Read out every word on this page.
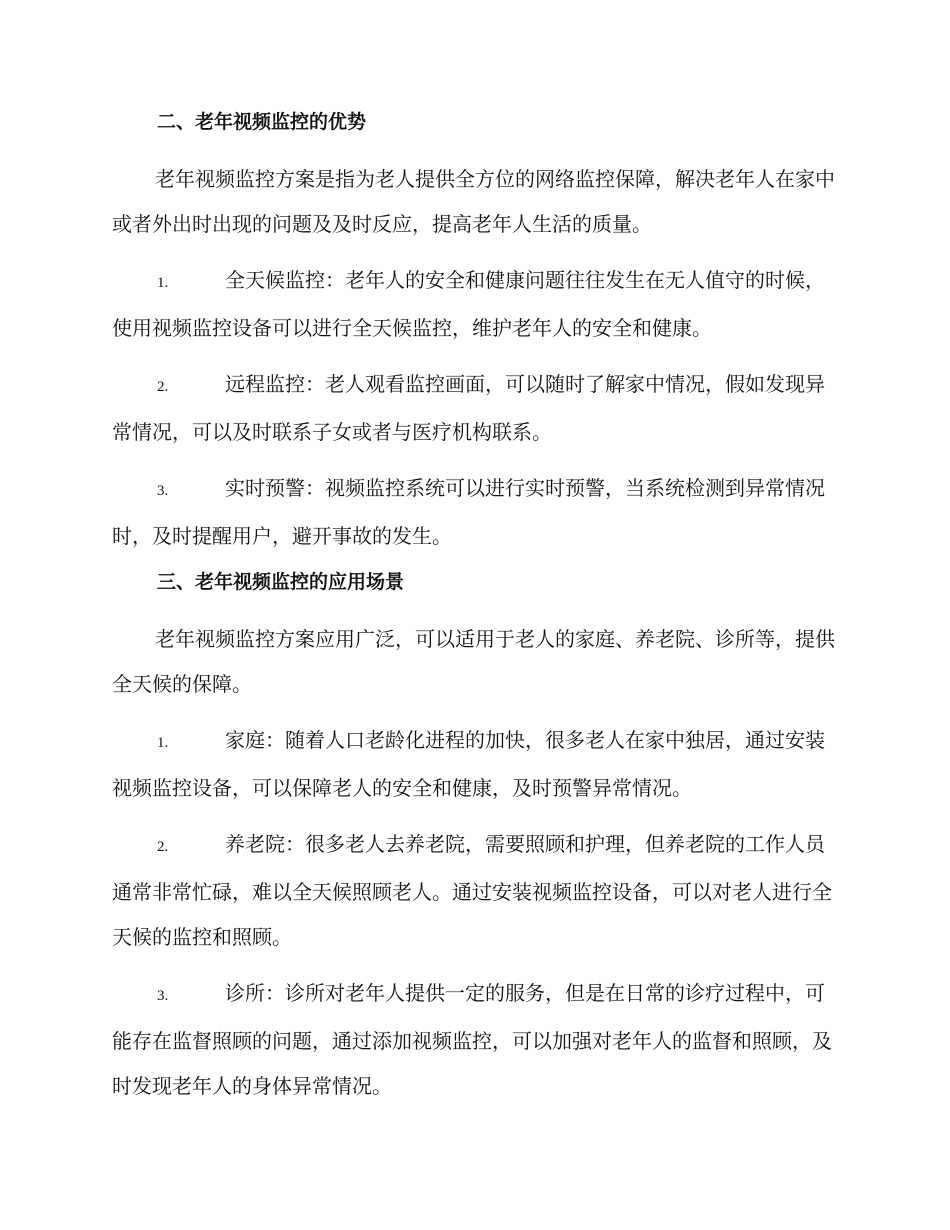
二、老年视频监控的优势

老年视频监控方案是指为老人提供全方位的网络监控保障，解决老年人在家中或者外出时出现的问题及及时反应，提高老年人生活的质量。

1.	全天候监控：老年人的安全和健康问题往往发生在无人值守的时候，使用视频监控设备可以进行全天候监控，维护老年人的安全和健康。

2.	远程监控：老人观看监控画面，可以随时了解家中情况，假如发现异常情况，可以及时联系子女或者与医疗机构联系。

3.	实时预警：视频监控系统可以进行实时预警，当系统检测到异常情况时，及时提醒用户，避开事故的发生。

三、老年视频监控的应用场景

老年视频监控方案应用广泛，可以适用于老人的家庭、养老院、诊所等，提供全天候的保障。

1.	家庭：随着人口老龄化进程的加快，很多老人在家中独居，通过安装视频监控设备，可以保障老人的安全和健康，及时预警异常情况。

2.	养老院：很多老人去养老院，需要照顾和护理，但养老院的工作人员通常非常忙碌，难以全天候照顾老人。通过安装视频监控设备，可以对老人进行全天候的监控和照顾。

3.	诊所：诊所对老年人提供一定的服务，但是在日常的诊疗过程中，可能存在监督照顾的问题，通过添加视频监控，可以加强对老年人的监督和照顾，及时发现老年人的身体异常情况。
